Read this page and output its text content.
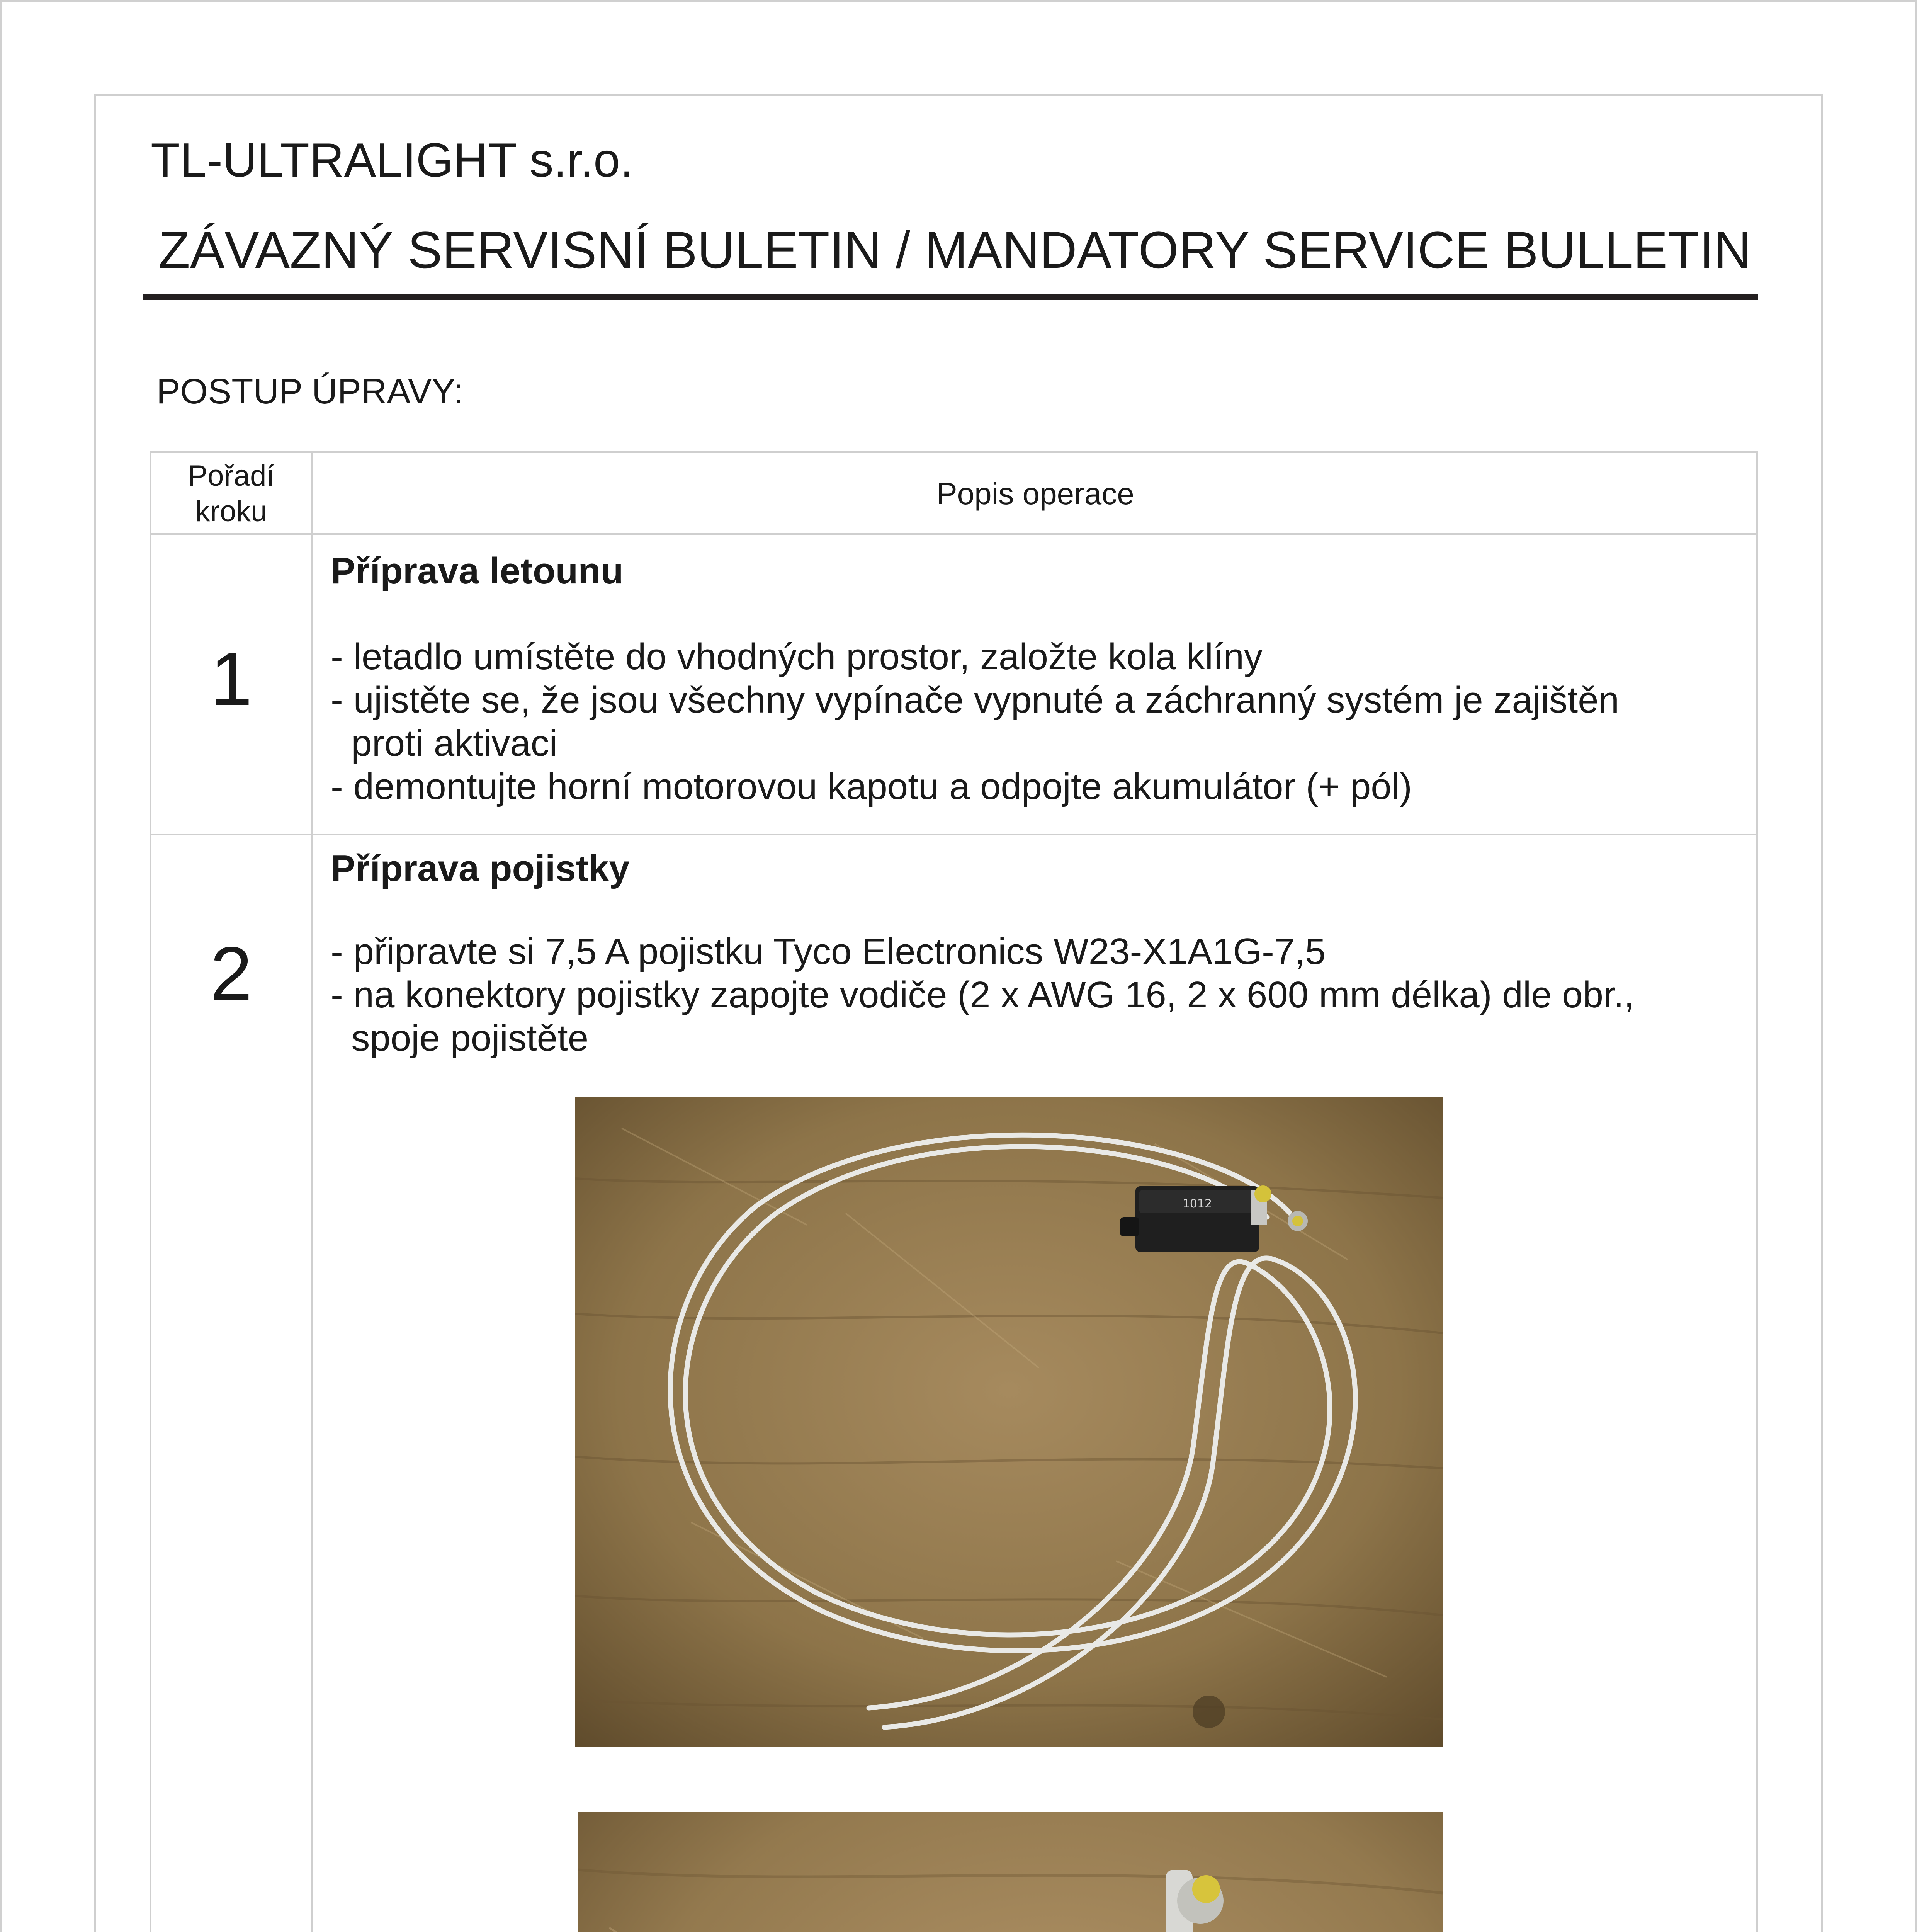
TL-ULTRALIGHT s.r.o.
ZÁVAZNÝ SERVISNÍ BULETIN / MANDATORY SERVICE BULLETIN
POSTUP ÚPRAVY:
Pořadí
kroku
Popis operace
1
Příprava letounu
- letadlo umístěte do vhodných prostor, založte kola klíny
- ujistěte se, že jsou všechny vypínače vypnuté a záchranný systém je zajištěn
proti aktivaci
- demontujte horní motorovou kapotu a odpojte akumulátor (+ pól)
2
Příprava pojistky
- připravte si 7,5 A pojistku Tyco Electronics W23-X1A1G-7,5
- na konektory pojistky zapojte vodiče (2 x AWG 16, 2 x 600 mm délka) dle obr.,
spoje pojistěte
1012
